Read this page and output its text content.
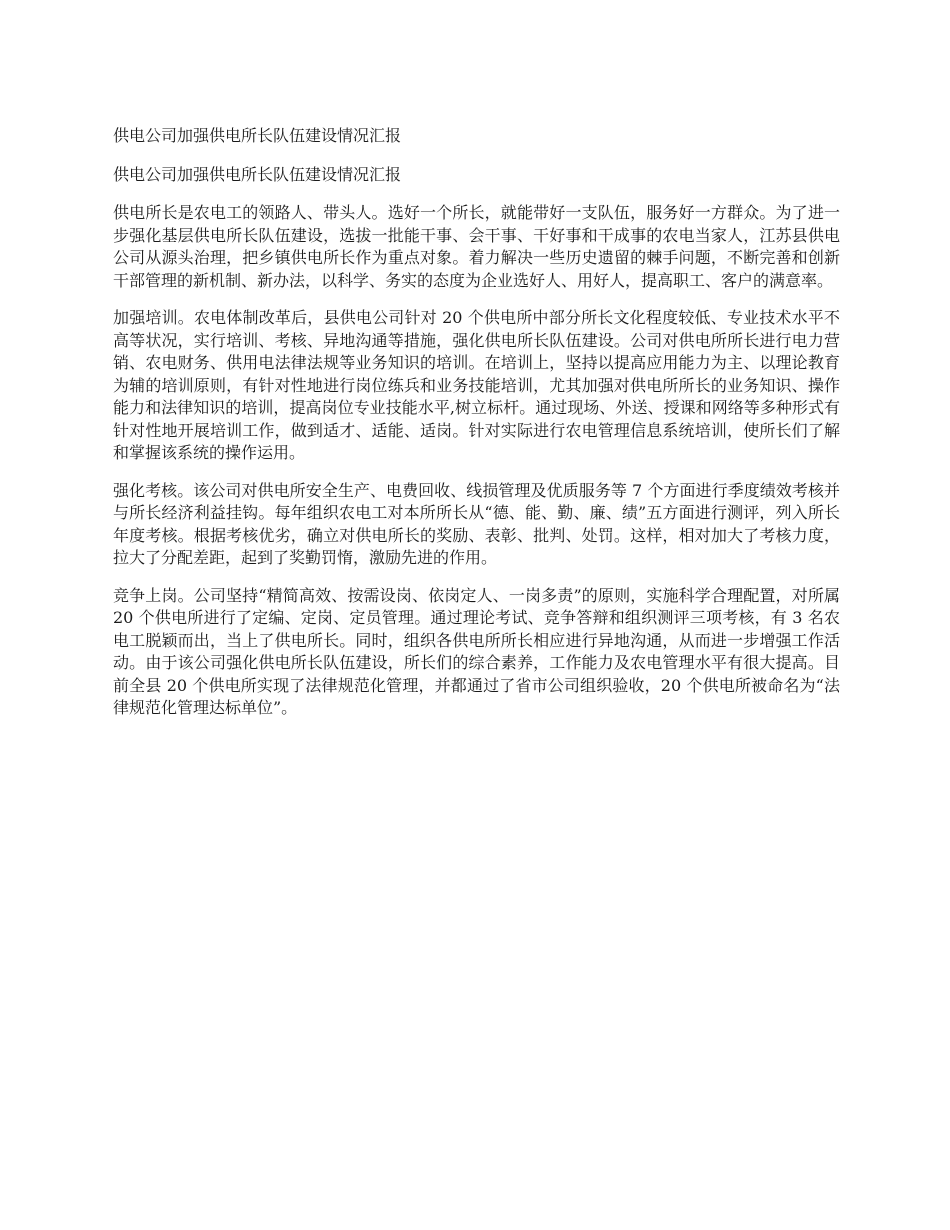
供电公司加强供电所长队伍建设情况汇报

供电公司加强供电所长队伍建设情况汇报

供电所长是农电工的领路人、带头人。选好一个所长，就能带好一支队伍，服务好一方群众。为了进一步强化基层供电所长队伍建设，选拔一批能干事、会干事、干好事和干成事的农电当家人，江苏县供电公司从源头治理，把乡镇供电所长作为重点对象。着力解决一些历史遗留的棘手问题，不断完善和创新干部管理的新机制、新办法，以科学、务实的态度为企业选好人、用好人，提高职工、客户的满意率。

加强培训。农电体制改革后，县供电公司针对 20 个供电所中部分所长文化程度较低、专业技术水平不高等状况，实行培训、考核、异地沟通等措施，强化供电所长队伍建设。公司对供电所所长进行电力营销、农电财务、供用电法律法规等业务知识的培训。在培训上，坚持以提高应用能力为主、以理论教育为辅的培训原则，有针对性地进行岗位练兵和业务技能培训，尤其加强对供电所所长的业务知识、操作能力和法律知识的培训，提高岗位专业技能水平,树立标杆。通过现场、外送、授课和网络等多种形式有针对性地开展培训工作，做到适才、适能、适岗。针对实际进行农电管理信息系统培训，使所长们了解和掌握该系统的操作运用。

强化考核。该公司对供电所安全生产、电费回收、线损管理及优质服务等 7 个方面进行季度绩效考核并与所长经济利益挂钩。每年组织农电工对本所所长从“德、能、勤、廉、绩”五方面进行测评，列入所长年度考核。根据考核优劣，确立对供电所长的奖励、表彰、批判、处罚。这样，相对加大了考核力度，拉大了分配差距，起到了奖勤罚惰，激励先进的作用。

竞争上岗。公司坚持“精简高效、按需设岗、依岗定人、一岗多责”的原则，实施科学合理配置，对所属 20 个供电所进行了定编、定岗、定员管理。通过理论考试、竞争答辩和组织测评三项考核，有 3 名农电工脱颖而出，当上了供电所长。同时，组织各供电所所长相应进行异地沟通，从而进一步增强工作活动。由于该公司强化供电所长队伍建设，所长们的综合素养，工作能力及农电管理水平有很大提高。目前全县 20 个供电所实现了法律规范化管理，并都通过了省市公司组织验收，20 个供电所被命名为“法律规范化管理达标单位”。
